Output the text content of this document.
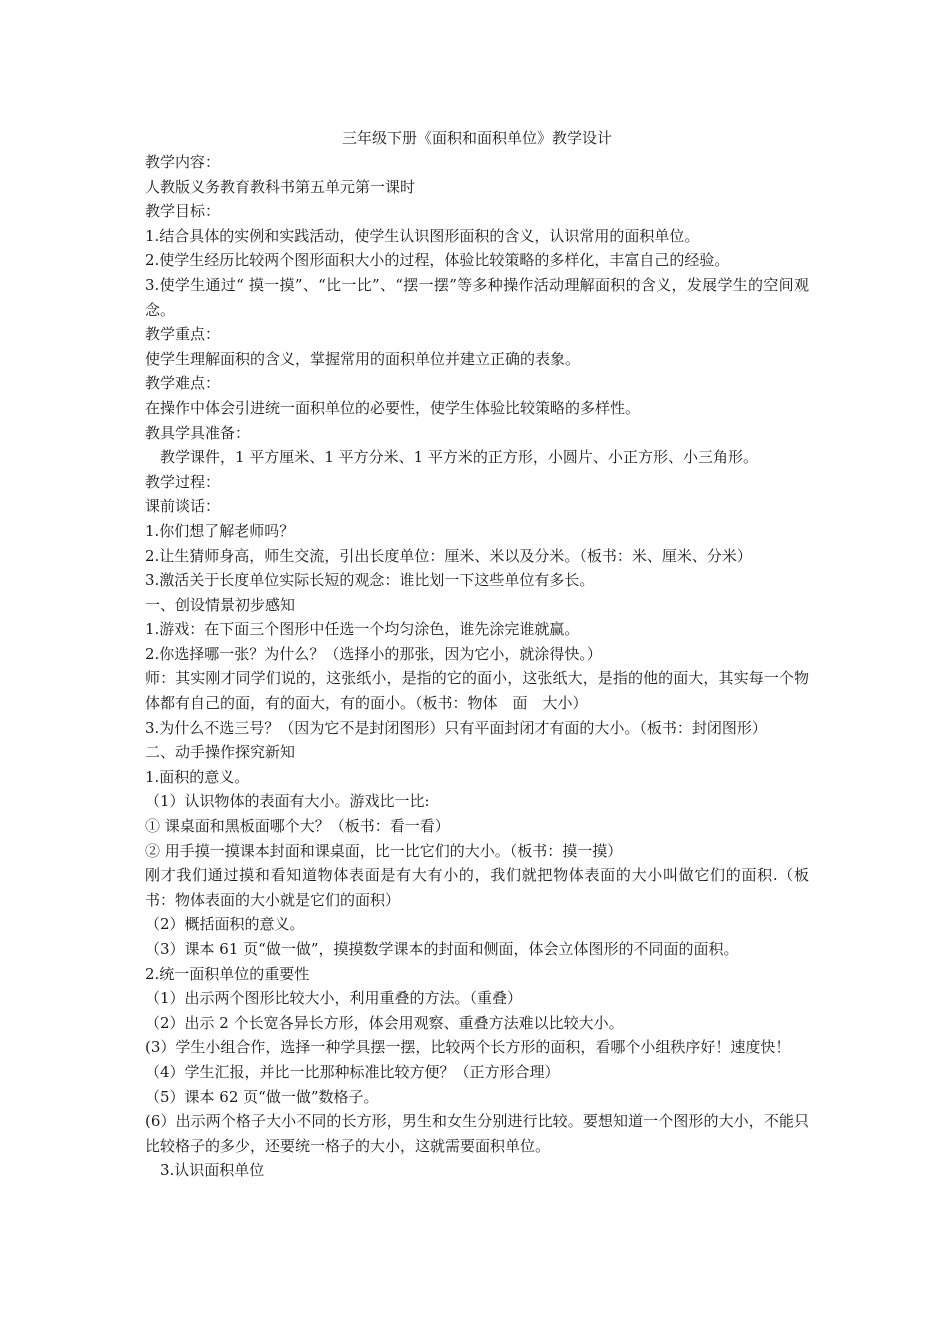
三年级下册《面积和面积单位》教学设计

教学内容：

人教版义务教育教科书第五单元第一课时

教学目标：

1.结合具体的实例和实践活动，使学生认识图形面积的含义，认识常用的面积单位。

2.使学生经历比较两个图形面积大小的过程，体验比较策略的多样化，丰富自己的经验。

3.使学生通过“ 摸一摸”、“比一比”、“摆一摆”等多种操作活动理解面积的含义，发展学生的空间观念。

教学重点：

使学生理解面积的含义，掌握常用的面积单位并建立正确的表象。

教学难点：

在操作中体会引进统一面积单位的必要性，使学生体验比较策略的多样性。

教具学具准备：

　教学课件，1 平方厘米、1 平方分米、1 平方米的正方形，小圆片、小正方形、小三角形。

教学过程：

课前谈话：

1.你们想了解老师吗？

2.让生猜师身高，师生交流，引出长度单位：厘米、米以及分米。（板书：米、厘米、分米）

3.激活关于长度单位实际长短的观念：谁比划一下这些单位有多长。

一、创设情景初步感知

1.游戏：在下面三个图形中任选一个均匀涂色，谁先涂完谁就赢。

2.你选择哪一张？为什么？（选择小的那张，因为它小，就涂得快。）

师：其实刚才同学们说的，这张纸小，是指的它的面小，这张纸大，是指的他的面大，其实每一个物体都有自己的面，有的面大，有的面小。（板书：物体　面　大小）

3.为什么不选三号？（因为它不是封闭图形）只有平面封闭才有面的大小。（板书：封闭图形）

二、动手操作探究新知

1.面积的意义。

（1）认识物体的表面有大小。游戏比一比:

① 课桌面和黑板面哪个大？（板书：看一看）

② 用手摸一摸课本封面和课桌面，比一比它们的大小。（板书：摸一摸）

刚才我们通过摸和看知道物体表面是有大有小的，我们就把物体表面的大小叫做它们的面积.（板书：物体表面的大小就是它们的面积）

（2）概括面积的意义。

（3）课本 61 页“做一做”，摸摸数学课本的封面和侧面，体会立体图形的不同面的面积。

2.统一面积单位的重要性

（1）出示两个图形比较大小，利用重叠的方法。（重叠）

（2）出示 2 个长宽各异长方形，体会用观察、重叠方法难以比较大小。

(3）学生小组合作，选择一种学具摆一摆，比较两个长方形的面积，看哪个小组秩序好！速度快！

（4）学生汇报，并比一比那种标准比较方便？（正方形合理）

（5）课本 62 页“做一做”数格子。

(6）出示两个格子大小不同的长方形，男生和女生分别进行比较。要想知道一个图形的大小，不能只比较格子的多少，还要统一格子的大小，这就需要面积单位。

　3.认识面积单位
